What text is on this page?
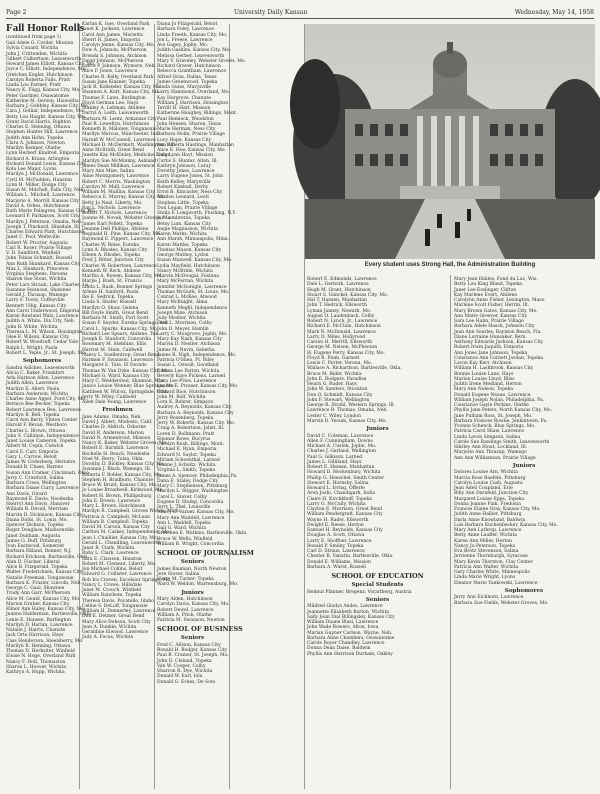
Page 2	University Daily Kansan	Wednesday, May 14, 1958
Fall Honor Rolls
(continued from page 1)
Gail Adele G. Corder, Mission
Sylvia Conard, Wichita
John J. Crittenden, Wichita
Gilbert Culbertson, Leavenworth
Howard James Elliott, Kansas City, Mo.
Joyce C. Elliott, Independence, Mo.
Gretchen Engler, Hutchinson
Carolyn Roberta Falls, Pratt
Linda Lou Farmer, Pratt
Nancy K. Fligg, Kansas City, Mo.
Peter Gardner, Osawatomie
Katherine M. Gerson, Hiawatha
Barbara J. Gobbley, Kansas City, Mo.
Cara J. Golliar, Independence, Mo.
Betty Lou Haight, Kansas City, Mo.
Grant David Harris, Dighton
Charles E. Henning, Ottawa
Stephen Hunter Hill, Lawrence
Judith Ann Hohn, Topeka
Clara A. Johnson, Newton
Marilyn Kemper, Olathe
Lynn Herbert Kindred, Emporia
Richard A. Kraus, Arlington
Richard Donald Lewis, Kansas City
Kola Lee Major, Lyons
Marilyn J. McDonald, Lawrence
Cyril M. McFadden, Hanston
Lynn H. Miller, Dodge City
Susan M. Mitchell, Falls City, Neb.
William L. Mitchell, Lawrence
Marjorie A. Morrill, Kansas City
David A. Orbes, Hutchinson
Ruth Marie Palmgren, Kansas City, Mo.
Leonard F. Parkinson, Scott City
Marilyn J. Peterson, Omaha, Neb.
Joseph T. Pinckard, Hinsdale, Ill.
Charles Edward Platt, Hutchinson
Janet C. Pool, Wellsville
Robert W. Procter, Augusta
Carl R. Roser, Prairie Village
V. D. Sandford, Winfield
John Tobias Schmidt, Russell
Ann Ruth Skankard, Kansas City
Max L. Slankard, Princeton
Virginia Stephens, Parsons
Sharon Sue Stout, Wichita
Peter Lars Straub, Lake Charles, La.
Suzanne Swanson, Shawnee
Gerald J. Thrasap, Wamego
Larry F. Tovey, Coffeyville
Bennett Ullig, Kansas City
Ann Carol Underwood, Emporia
Karen Rowland Walz, Lawrence
Judith A. White, Dix City, Neb.
John R. White, Wichita
Theresa L. M. Wilson, Hoisington
Glee E. Wilson, Kansas City
Robert W. Woodruff, Cedar Vale
Ralph L. Wright, Paola
Robert L. Yeple, Jr., St. Joseph, Mo.
Sophomores
Sandra Adickes, Leavenworth
Alicia C. Baker, Frankfort
Arla Harmon Allen, Lawrence
Judith Allen, Lawrence
Marilyn E. Allert, Paola
Barbara Anderson, Wichita
Charles Anne Appel, Ford City, Mo.
Bernice Bee Becker, Topeka
Robert Lawrence Bee, Lawrence
Marilyn B. Bell, Topeka
Carol Ann Berry, Vinton Center
Harold F. Bevan, Westboro
Charles L. Brown, Ottawa
John S. Callahan, Independence
Janet Louise Cameron, Topeka
Albert M. Cepin, Colwich
Carol E. Carr, Emporia
Gary L. Carrow, Beloit
James W. Cederberg, Herndon
Donald R. Chase, Barnes
Susan Ann Cramer, Cincinnati, Ohio
Jerry C. Crawford, Salina
Barbara Cross, Wellington
Barbara Diane Curry, Lawrence
Ann Davis, Girard
Raymond E. Davis, Neodesha
Sherryl Ann Davis, Hanover
William B. Devall, Merriam
Marvin D. Dickinson, Kansas City
Diana Dicks, St. Louis, Mo.
Spencer Dickson, Topeka
Roger Douglass, Madisonville
Janet Dunham, Augusta
James G. Duff, Pittsburg
Ivan Eastwood, Somerset
Barbara Ekland, Bonner, N.J.
Richard Erickson, Bartlesville, Okla.
Alan D. Fischer, Liberal
Alice B. Fitzgerald, Topeka
Walter Fredericksen, Kansas City
Natalie Freeman, Tonganoxie
Barbara K. Frazier, Lincoln, Neb.
George C. Gaal, Shawnee
Trudy Ann Garr, McPherson
Alice M. Gould, Kansas City, Mo.
Marion Gruber, Kansas City
Elinor Ann Haley, Kansas City, Mo.
Jeanne Halderman, Bartlesville, Okla.
Lenie E. Hansen, Burlington
Marilyn D. Harlan, Lawrence
Natalie J. Harris, Chanute
Jack Orte Harrison, Hays
Cass Henderson, Steelsberry, Mo.
Marilyn R. Henning, Ottawa
Thomas D. Herbsiter, Winfield
Eloise N. Hoge, Overland Park
Nancy F. Holt, Thomaston
Sharon L. Hoover, Wichita
Kathryn A. Hupp, Wichita
Karlan K. Isse, Overland Park
Janet K. Jackson, Lawrence
Carol Ann James, Marietta
Sherri R. James, Emporia
Carolyn Jenne, Kansas City, Mo.
Dow A. Johnson, McPherson
Brenda S. Johnson, Atchison
David Johnson, McPherson
Lance P. Johnson, Wymore, Neb.
Alice P. Jones, Lawrence
Charles R. Kelly, Overland Park
Susan Jane Klasner, Topeka
Jack R. Kollender, Kansas City, Mo.
Shannon A. Kurt, Kansas City, Mo.
Thomas F. Laws, Burlington
Floyd German Lee, Hays
Stanley A. Lehman, Abilene
Darryl A. Leith, Leavenworth
Barbara M. Lentz, Arkansas City
Paul R. Lewellyn, Hutchinson
Kenneth R. Maloney, Tonganoxie
Marilyn Marcus, Manchester, Ind.
Harold W. McConnell, Lawrence
Michael D. McDermott, Washington, D.C.
Anne McIlrath, Great Bend
Janette Kay McKinley, Medicine Lodge
Marilyn Sue McMinimy, Ashland
James Dean Millikan, Lawrence
Mary Ann Mize, Salina
Aline Montgomery, Lawrence
Robert C. Morris, Washington
Carolyn M. Mull, Lawrence
William M. Mullins, Kansas City
Rebecca E. Murray, Kansas City, Mo.
Betty Jo Neal, Liberty, Mo.
Ray L. Nichols, Lawrence
Robert T. Nichols, Lawrence
Joanne M. Novak, Webster Groves, Mo.
James Earl Pellett, Topeka
Deanne Dell Phillips, Abilene
Reginald H. Pine, Kansas City, Mo.
Raymond E. Pippert, Lawrence
Charles W. Reiss, Eureka
Lynn A. Rhodes, Kansas City
Eileen A. Rhodes, Topeka
Fred J. Ritter, Junction City
Charles W. Robertson, Lawrence
Kenneth W. Rock, Abilene
Martha A. Rowen, Kansas City, Mo.
Marjie J. Rush, St. Francis
Linda L. Rush, Bonner Springs
Arlene H. Sanford, Paola
Ike E. Sedrick, Topeka
Linda S. Shafer, Russell
Marilyn O. Shaw, Galena
Bill Doyle Smith, Great Bend
Barbara M. Smith, Fort Scott
Susan F. Snyder, Eureka Springs, Ark.
Carol L. Sparks, Kansas City, Mo.
Richard Lee Spears, Abilene, Tex.
Joseph E. Stanford, Concordia
Rosemary M. Stebbins, Ellis
Harriet M. Stein, Caldwell
Nancy L. Suellentrop, Great Bend
Harmon F. Swanson, Lawrence
Margaret E. Tate, El Dorado
Thomas W. Van Dyke, Kansas City, Mo.
Michael G. Ward, Kansas City
Mary C. Weddersted, Shannon, Wyo.
Janice Louise Wenner, Blue Springs, Mo.
Kathleen W. Wilcox, Springdale, Utah
Jerry W. Wiley, Caldwell
Allen Dale Young, Lawrence
Freshmen
Jane Adams, Omaha, Neb.
David J. Albert, Modesto, Calif.
Charles D. Aldrich, Osborne
David R. Anderson, Marion
David N. Armentrout, Mission
Nancy K. Baker, Webster Groves, Mo.
Robert E. Barnhill, Lawrence
Rochelle H. Beach, Neodesha
Noel M. Berry, Tulsa, Okla.
Dorothy D. Bickley, Kansas City, Mo.
Susanna J. Black, Wamego, Ill.
Roberta F. Bohler, Kansas City, Mo.
Stephen H. Bradburn, Chanute
Bruce W. Brunt, Kansas City, Mo.
Jo Louise Broadwell, Kirkwood, Mo.
Robert H. Brown, Phillipsburg
John E. Brown, Lawrence
Mary L. Brown, Hutchinson
Marilyn R. Campbell, Groves Woods, Mich.
Patricia A. Campbell, McLean
William R. Campbell, Topeka
David M. Carson, Kansas City
Carlton M. Caskey, Independence, Mo.
Jean I. Chaillier, Kansas City, Mo.
Gerald L. Chandling, Leavenworth
Janet R. Clark, Wichita
Ruby L. Clark, Lawrence
Sara E. Clawson, Hanston
Robert M. Clement, Liberty, Mo.
Jon Michael Collins, Beloit
Edward G. Collister, Lawrence
Bob Ira Craven, Excelsior Springs, Mo.
Nancy L. Crowe, Hillsdale
Janet M. Crouch, Winfield
William Danchem, Topeka
Theresa Davis, Pocatello, Idaho
Celine S. DeLoff, Tonganoxie
William H. Dennerley, Lawrence
Don E. Detmer, Great Bend
Mary Alice Dobson, Scott City
Jean A. Dunkin, Wichita
Geraldine Elwood, Lawrence
Judy A. Focus, Wichita
Diana Jo Fitzgerald, Beloit
Barbara Foley, Lawrence
Linda Freeth, Kansas City, Mo.
Jon L. Freese, Lawrence
Ava Gagey, Joplin, Mo.
Judith Gaskins, Kansas City, Mo.
Melissa Gerber, Leavenworth
Mary V. Graveley, Webster Groves, Mo.
Richard Graver, Hutchinson
Rebecca Grantham, Lawrence
Alfred Grau, Dallas, Texas
James Greenwood, Topeka
Linda Guise, Marysville
Larry Hammond, Overland, Mo.
Kay Hargrove, Chanute
William J. Harrison, Hoisington
Terrill H. Hart, Mission
Katherine Haughey, Billings, Mont.
Paul Hemlock, Woodston
John Hensen, Sharon, Texas
Marie Herman, Ness City
Barbara Holm, Prairie Village
Lucy Hope, Kansas City
Ann Alberta Hastings, Manhattan
Alice E. Hoe, Kansas City, Mo.
Dale Lynn Hoyt, Mission
Curtis S. Hunter, Alton, Ill.
Kathryn Johnson, Luray
Dorothy Jones, Lawrence
Larry Eugene Jones, St. John
Keith Kelley, Marysville
Robert Kimball, Derby
Errol B. Kincaster, Ness City
Gordon Leonard, Leoti
Stephen Little, Topeka
Don Logan, Prairie Village
Stella F. Longworth, Flushing, N.Y.
Jan Lumbreras, Topeka
Betsy Lum, Kansas City
Angie Magnusson, Wichita
Karen Marks, Wichita
Ann Marsh, Minneapolis, Minn.
Karen Mattke, Topeka
Thomas Mason, Kansas City
George Mathey, Lydon
Susan Maxwell, Kansas City, Mo.
Lydia Mayfield, Hutchinson
Nancy McBride, Wichita
Marvin McDougal, Fostana
Mary McFerran, Wichita
Jennifer McGonigle, Lawrence
Thomas McGurk, St. Louis, Mo.
Conrad L. McKee, Atwood
Mary McKnight, Alma
Kenneth Meghl, Independence
Joseph Mize, Atchison
Judy Mosher, Wichita
Fred L. Morrison, Colby
John D. Meyer, Hamlin
Larry C. Musgrove, Joplin, Mo.
Mary Kay Nash, Kansas City
Marvin D. Nestler, Atchison
James M. Nevin, Sabetha
James R. Nigh, Independence, Mo.
Patricia O'Shea, Ft. Riley
Susan L. Ozwalt, Goodland
Damon Lee Patton, Wichita
Beverly Kaye Pickens, Larned
Cora Lee Price, Lawrence
Lenore E. Prosser, Kansas City, Mo.
Edward Rice, Hutchinson
John M. Rolf, Wichita
Lora K. Rohrer, Simpson
Audrey A. Reynolds, Kansas City
Barbara A. Reynolds, Kansas City
Jerry Rosenberg, Topeka
Jerry W. Roberts, Kansas City, Mo.
Craig A. Robertson, Joliet, Ill.
Loren D. Rollmann, Pratt
Eleanor Rowe, Bucyrus
Carolyn Rush, Billings, Mont.
Michael E. Ryan, Emporia
Edward N. Saylor, Topeka
Miriam Schoenthal, Larned
Joanne J. Schultz, Wichita
Virginia L. Smith, Topeka
James A. Spencer, Philadelphia, Pa.
Dana E. Staley, Dodge City
Mary C. Stephenson, Pittsburg
Marilyn L. Stigger, Washington
Carol L. Stover, Colby
Eugene D. Stump, Concordia
Jerry L. Thel, Louisville
Nancy E. Varner, Kansas City, Mo.
Mary Ann Waddell, Lawrence
Ann L. Waddell, Topeka
Gail G. Ward, Wichita
Gretchen E. Watkins, Bartlesville, Okla.
Bruce W. Wells, Winfield
William B. Wright, Concordia
SCHOOL OF JOURNALISM
Seniors
James Bauman, North Newton
Jere Glover, Salina
Harry M. Turner, Topeka
Ward W. Weldon, Warrensburg, Mo.
Juniors
Mary Alden, Hutchinson
Carolyn Davis, Kansas City, Mo.
Robert Dewel, Lawrence
William A. Prick, Olathe
Patricia M. Swanson, Newton
SCHOOL OF BUSINESS
Seniors
Fred C. Allison, Kansas City
Ronald H. Bodger, Kansas City
Paul B. Cramer, St. Joseph, Mo.
John D. Cleland, Topeka
Van W. Cooper, Colby
Sharron R. Dye, Wichita
Donald W. Earl, Iola
Donald G. Eckes, De Soto
Every student uses Strong Hall, the Administration Building
Robert E. Edmonds, Lawrence
Dale L. Gerboth, Lawrence
Hugh M. Grant, Hutchinson
Stuart S. Gunckel, Kansas City, Mo.
Hal T. Hansen, Manhattan
John T. Hedrick, Ellsworth
Lyman Janney, Newark, Mo.
August O. Laudenback, Colby
Robert N. Lynch, Jr., Lawrence
Richard E. McClain, Hutchinson
Mark N. McDonald, Lawrence
Larry D. Miles, Hollyrood
Carson H. Merrill, Ellsworth
George M. Nelson, McPherson
H. Eugene Perry, Kansas City, Mo.
Floyd R. Plum, Garnett
Lewis C. Porter, Verona, Mo.
Wallace A. Richardson, Bartlesville, Okla.
Bruce M. Rider, Wichita
John E. Rodgers, Paradise
Hearn G. Ruder, Hays
John W. Sanders, Stockton
Don O. Schmidt, Kansas City
John F. Stewart, Wellington
George R. Strahl, Western Springs, Ill.
Lawrence B. Thomas, Omaha, Neb.
Lester C. Wiley, Lyndon
Marvin D. Yeoum, Kansas City, Mo.
Juniors
David C. Coleman, Lawrence
Allen F. Cunningham, Downs
Michael A. Custek, Joplin, Mo.
Charles J. Garland, Wellington
Paul G. Gilkison, Larned
James L. Gilliland, Hays
Robert E. Heinen, Manhattan
Howard D. Hockenbury, Wichita
Phillip G. Hoeschel, Smith Center
Stewart E. Hornsby, Salina
Howard L. Irving, Offerle
Arun Joshi, Chandigarh, India
Claire H. Kirchkhoff, Topeka
Larry G. McCully, Wichita
Clayton E. Morrison, Great Bend
William Pendergraft, Kansas City
Wayne H. Rader, Ellsworth
Dwight E. Reese, Herton
Samuel H. Reynolds, Kansas City
Douglas A. Scott, Ottawa
Larry E. Shoffner, Lawrence
Ronald P. Smiley, Topeka
Carl D. Straus, Lawrence
Chester B. Vanatta, Bartlesville, Okla.
Donald E. Williams, Mission
Barbara A. Wurst, Russell
SCHOOL OF EDUCATION
Special Students
Helmut Pfanner, Bregenz, Vorarlberg, Austria
Seniors
Mildred Gladys Andes, Lawrence
Jeannette Elizabeth Barton, Wichita
Sally Jean Dial Billingsley, Kansas City
William Duane Blasi, Lawrence
John Wade Bowers, Alton, Iowa
Marian Guyner Carlson, Wayne, Neb.
Barbara Aline Chambers, Osawatomie
Carole Royer Chandley, Lawrence
Donna Dean Daise, Baldwin
Phyllis Ann Harrison Durham, Oakley
Mary Jean Ekkles, Fond du Lac, Wis.
Betty Lou King Bland, Topeka
Janet Lee Esslinger, Clifton
Kay Marlene Evert, Abilene
Carolynn Anne Fisher, Lexington, Mass.
Marlene Scott Fisher, Herrin, Ill.
Mary Brown Gates, Kansas City, Mo.
Ann Marie Greever, Kansas City
Sara Lee Hahn, Prairie Village
Barbara Adele Haack, Johnson City
Jean Ann Searles, Baynton Beach, Fla.
Diane Lorraine Hunsaker, Bern
Anthony Edwards Jackson, Kansas City
Robert Irwin Jaquith, Emporia
Ann Jones Jane Johnson, Topeka
Constance Ann Cornett Jordan, Topeka
Lavon Kay Kerr, Atchison
William H. Lashbrook, Kansas City
Bonnie Louise Lane, Hays
Marion Louise Lloyd, Bliss
Judith Irene Medland, Herton
Mary Ann Nelson, Topeka
Donald Eugene Neaue, Lawrence
William Joseph Nolan, Philadelphia, Pa.
Constance Gayle Perkins, Olathe
Phyllis Jane Peters, North Kansas City, Mo.
Jane Pulliam Ross, St. Joseph, Mo.
Barbara Frances Rowbe, Jenkintown, Pa.
Yvonne Schenck, Blue Springs, Mo.
Patricia Carol Shaw, Lawrence
Linda Lavon Simpson, Salina
Carole Sue Rawlings Smith, Leavenworth
Shirley Ann Stout, Lockland, Ill.
Marjorie Ann Thrasup, Wamego
Ann Ann Williamson, Prairie Village
Juniors
Dolores Louise Arn, Wichita
Marcia Rose Baefeln, Pittsburg
Carolyn Louise Cash, Augusta
Jean Adell Coupland, Erie
Billy Ann Darafeld, Junction City
Margaret Louise Epps, Topeka
Donna Joanne Fink, Fredonia
Frances Elaine Gray, Kansas City, Mo.
Judith Anne Hallier, Pittsburg
Darla Anne Knowland, Baldwin
Lois Barbara Kuchenbecker, Kansas City, Mo.
Mary Ann Lathrop, Lawrence
Betty Anne Lauffer, Wichita
Karen Ann Miller, Herton
Nancy Jo Peterson, Topeka
Eva Brotz Stevenson, Salina
Jerrienne Thornburgh, Syracuse
Mary Kevin Thornton, Clay Center
Patricia Ann Walter, Wichita
Gary Charles White, Minneapolis
Linda Marie Wright, Lyons
Eleanor Marie Yankowski, Lawrence
Sophomores
Jerry Ann Eichhorn, Lawrence
Barbara Sue Fields, Webster Groves, Mo.
